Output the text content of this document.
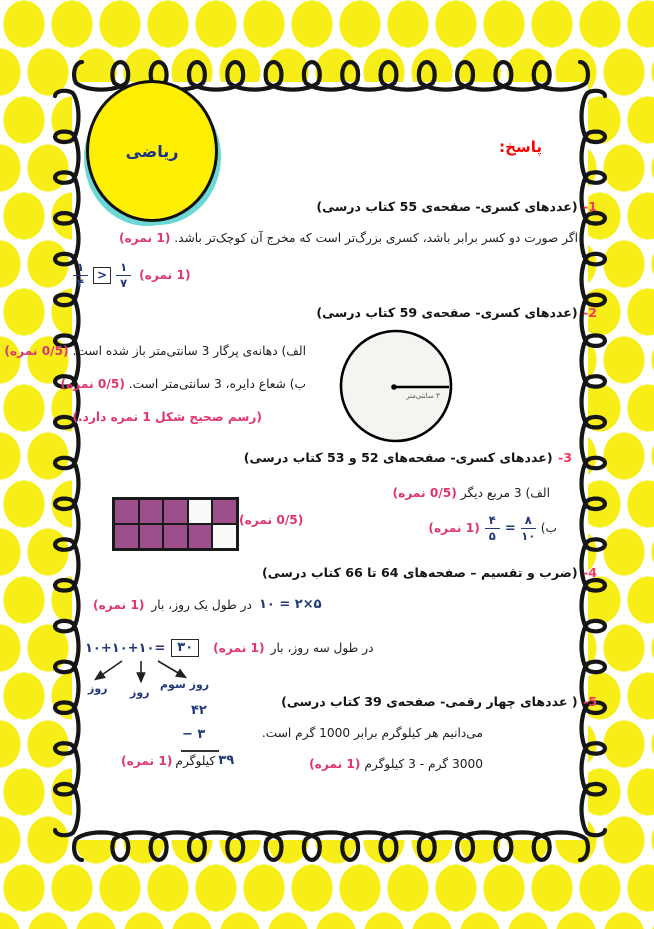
ریاضی	پاسخ:
1- (عددهای کسری- صفحه‌ی 55 کتاب درسی)
اگر صورت دو کسر برابر باشد، کسری بزرگ‌تر است که مخرج آن کوچک‌تر باشد. (1 نمره)
$\frac{۱}{۴} > \frac{۱}{۷} (1$ نمره)
2- (عددهای کسری- صفحه‌ی 59 کتاب درسی)
الف) دهانه‌ی پرگار 3 سانتی‌متر باز شده است. (0/5 نمره)
ب) شعاع دایره، 3 سانتی‌متر است. (0/5 نمره)
(رسم صحیح شکل 1 نمره دارد.)
۳ سانتی‌متر
3- (عددهای کسری- صفحه‌های 52 و 53 کتاب درسی)
الف) 3 مربع دیگر (0/5 نمره)
ب)
$\frac{۸}{۱۰}$
=
$\frac{۴}{۵}$
(1 نمره)
(0/5 نمره)
4- (ضرب و تقسیم – صفحه‌های 64 تا 66 کتاب درسی)
(1 نمره) در طول یک روز، بار ۱۰ = ۲×۵
۱۰+۱۰+۱۰= ۳۰	(1 نمره) در طول سه روز، بار
روز روز
روز سوم
5- ( عددهای چهار رقمی- صفحه‌ی 39 کتاب درسی)
می‌دانیم هر کیلوگرم برابر 1000 گرم است.
3000 گرم - 3 کیلوگرم (1 نمره)
۴۲
− ۳
(1 نمره) کیلوگرم ۳۹
